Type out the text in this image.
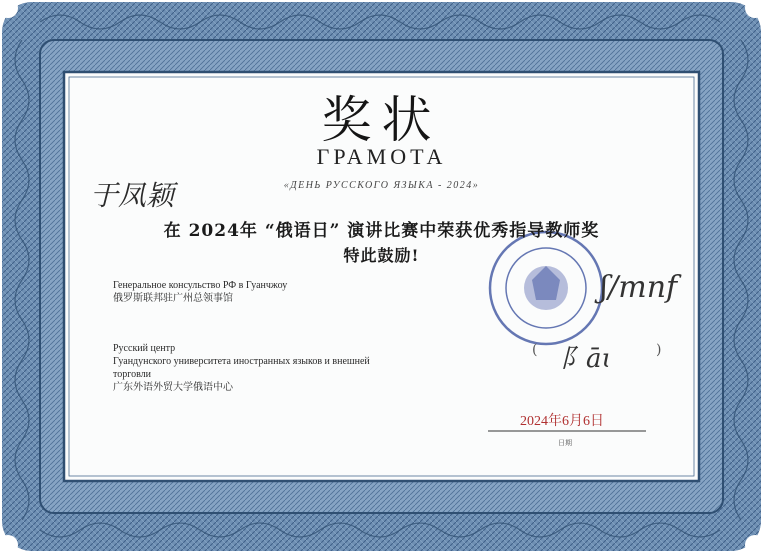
奖状
ГРАМОТА
«ДЕНЬ РУССКОГО ЯЗЫКА - 2024»
于凤颖
在 2024年 “俄语日” 演讲比赛中荣获优秀指导教师奖
特此鼓励!
Генеральное консульство РФ в Гуанчжоу
俄罗斯联邦驻广州总领事馆
Русский центр
Гуандунского университета иностранных языков и внешней
торговли
广东外语外贸大学俄语中心
ʃ/mnf
( 阝āɩ	)
2024年6月6日
日期
